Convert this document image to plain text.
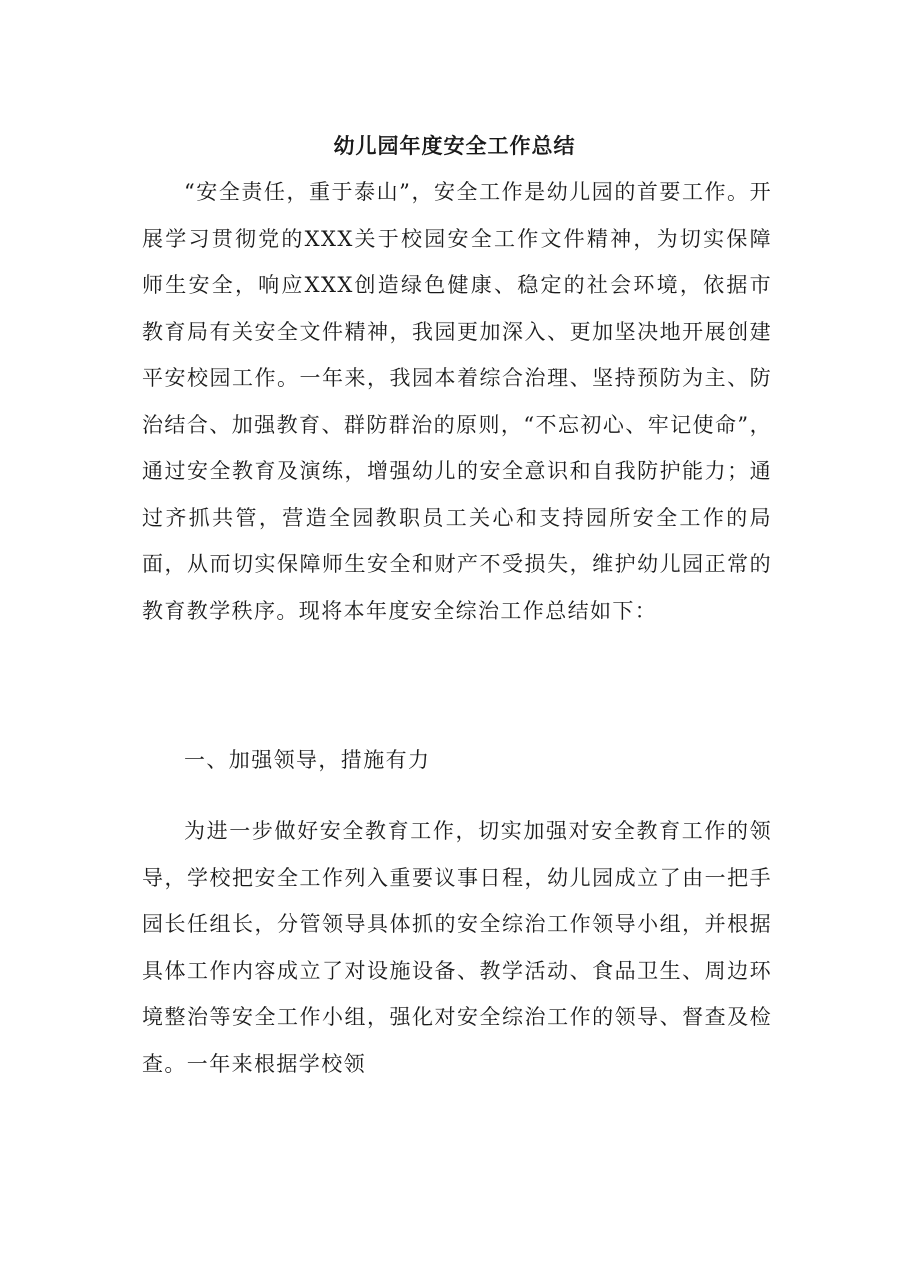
幼儿园年度安全工作总结

“安全责任，重于泰山”，安全工作是幼儿园的首要工作。开展学习贯彻党的XXX关于校园安全工作文件精神，为切实保障师生安全，响应XXX创造绿色健康、稳定的社会环境，依据市教育局有关安全文件精神，我园更加深入、更加坚决地开展创建平安校园工作。一年来，我园本着综合治理、坚持预防为主、防治结合、加强教育、群防群治的原则，“不忘初心、牢记使命”，通过安全教育及演练，增强幼儿的安全意识和自我防护能力；通过齐抓共管，营造全园教职员工关心和支持园所安全工作的局面，从而切实保障师生安全和财产不受损失，维护幼儿园正常的教育教学秩序。现将本年度安全综治工作总结如下：

一、加强领导，措施有力

为进一步做好安全教育工作，切实加强对安全教育工作的领导，学校把安全工作列入重要议事日程，幼儿园成立了由一把手园长任组长，分管领导具体抓的安全综治工作领导小组，并根据具体工作内容成立了对设施设备、教学活动、食品卫生、周边环境整治等安全工作小组，强化对安全综治工作的领导、督查及检查。一年来根据学校领
